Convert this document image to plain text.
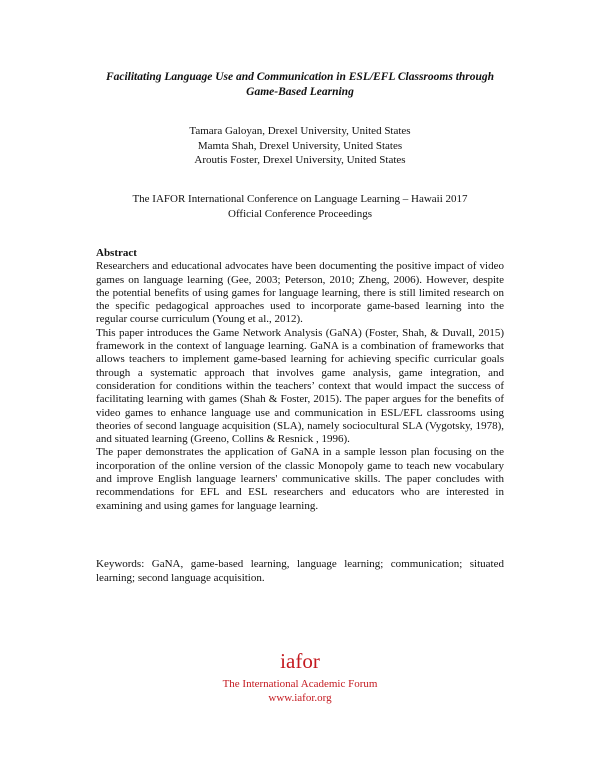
Facilitating Language Use and Communication in ESL/EFL Classrooms through
Game-Based Learning
Tamara Galoyan, Drexel University, United States
Mamta Shah, Drexel University, United States
Aroutis Foster, Drexel University, United States
The IAFOR International Conference on Language Learning – Hawaii 2017
Official Conference Proceedings
Abstract

Researchers and educational advocates have been documenting the positive impact of video games on language learning (Gee, 2003; Peterson, 2010; Zheng, 2006). However, despite the potential benefits of using games for language learning, there is still limited research on the specific pedagogical approaches used to incorporate game-based learning into the regular course curriculum (Young et al., 2012).

This paper introduces the Game Network Analysis (GaNA) (Foster, Shah, & Duvall, 2015) framework in the context of language learning. GaNA is a combination of frameworks that allows teachers to implement game-based learning for achieving specific curricular goals through a systematic approach that involves game analysis, game integration, and consideration for conditions within the teachers’ context that would impact the success of facilitating learning with games (Shah & Foster, 2015). The paper argues for the benefits of video games to enhance language use and communication in ESL/EFL classrooms using theories of second language acquisition (SLA), namely sociocultural SLA (Vygotsky, 1978), and situated learning (Greeno, Collins & Resnick , 1996).

The paper demonstrates the application of GaNA in a sample lesson plan focusing on the incorporation of the online version of the classic Monopoly game to teach new vocabulary and improve English language learners' communicative skills. The paper concludes with recommendations for EFL and ESL researchers and educators who are interested in examining and using games for language learning.

Keywords: GaNA, game-based learning, language learning; communication; situated learning; second language acquisition.
iafor
The International Academic Forum
www.iafor.org
